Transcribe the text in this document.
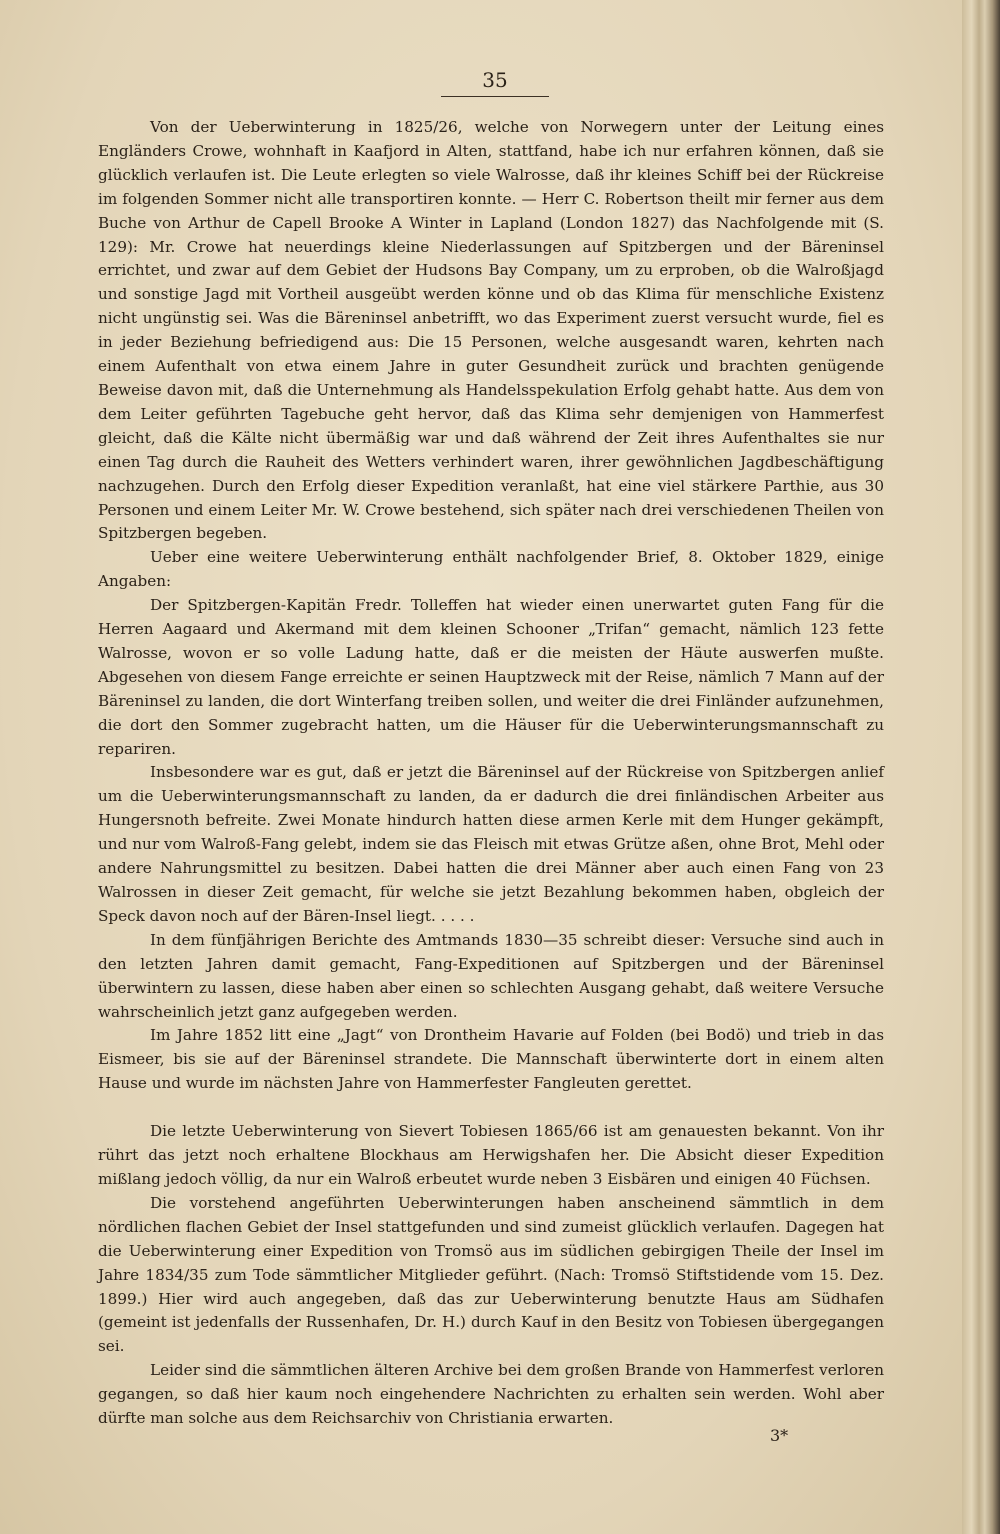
35

Von der Ueberwinterung in 1825/26, welche von Norwegern unter der Leitung eines Engländers Crowe, wohnhaft in Kaafjord in Alten, stattfand, habe ich nur erfahren können, daß sie glücklich verlaufen ist. Die Leute erlegten so viele Walrosse, daß ihr kleines Schiff bei der Rückreise im folgenden Sommer nicht alle transportiren konnte. — Herr C. Robertson theilt mir ferner aus dem Buche von Arthur de Capell Brooke A Winter in Lapland (London 1827) das Nachfolgende mit (S. 129): Mr. Crowe hat neuerdings kleine Niederlassungen auf Spitzbergen und der Bäreninsel errichtet, und zwar auf dem Gebiet der Hudsons Bay Company, um zu erproben, ob die Walroßjagd und sonstige Jagd mit Vortheil ausgeübt werden könne und ob das Klima für menschliche Existenz nicht ungünstig sei. Was die Bäreninsel anbetrifft, wo das Experiment zuerst versucht wurde, fiel es in jeder Beziehung befriedigend aus: Die 15 Personen, welche ausgesandt waren, kehrten nach einem Aufenthalt von etwa einem Jahre in guter Gesundheit zurück und brachten genügende Beweise davon mit, daß die Unternehmung als Handelsspekulation Erfolg gehabt hatte. Aus dem von dem Leiter geführten Tagebuche geht hervor, daß das Klima sehr demjenigen von Hammerfest gleicht, daß die Kälte nicht übermäßig war und daß während der Zeit ihres Aufenthaltes sie nur einen Tag durch die Rauheit des Wetters verhindert waren, ihrer gewöhnlichen Jagdbeschäftigung nachzugehen. Durch den Erfolg dieser Expedition veranlaßt, hat eine viel stärkere Parthie, aus 30 Personen und einem Leiter Mr. W. Crowe bestehend, sich später nach drei verschiedenen Theilen von Spitzbergen begeben.

Ueber eine weitere Ueberwinterung enthält nachfolgender Brief, 8. Oktober 1829, einige Angaben:

Der Spitzbergen-Kapitän Fredr. Tolleffen hat wieder einen unerwartet guten Fang für die Herren Aagaard und Akermand mit dem kleinen Schooner „Trifan“ gemacht, nämlich 123 fette Walrosse, wovon er so volle Ladung hatte, daß er die meisten der Häute auswerfen mußte. Abgesehen von diesem Fange erreichte er seinen Hauptzweck mit der Reise, nämlich 7 Mann auf der Bäreninsel zu landen, die dort Winterfang treiben sollen, und weiter die drei Finländer aufzunehmen, die dort den Sommer zugebracht hatten, um die Häuser für die Ueberwinterungsmannschaft zu repariren.

Insbesondere war es gut, daß er jetzt die Bäreninsel auf der Rückreise von Spitzbergen anlief um die Ueberwinterungsmannschaft zu landen, da er dadurch die drei finländischen Arbeiter aus Hungersnoth befreite. Zwei Monate hindurch hatten diese armen Kerle mit dem Hunger gekämpft, und nur vom Walroß-Fang gelebt, indem sie das Fleisch mit etwas Grütze aßen, ohne Brot, Mehl oder andere Nahrungsmittel zu besitzen. Dabei hatten die drei Männer aber auch einen Fang von 23 Walrossen in dieser Zeit gemacht, für welche sie jetzt Bezahlung bekommen haben, obgleich der Speck davon noch auf der Bären-Insel liegt. . . . .

In dem fünfjährigen Berichte des Amtmands 1830—35 schreibt dieser: Versuche sind auch in den letzten Jahren damit gemacht, Fang-Expeditionen auf Spitzbergen und der Bäreninsel überwintern zu lassen, diese haben aber einen so schlechten Ausgang gehabt, daß weitere Versuche wahrscheinlich jetzt ganz aufgegeben werden.

Im Jahre 1852 litt eine „Jagt“ von Drontheim Havarie auf Folden (bei Bodö) und trieb in das Eismeer, bis sie auf der Bäreninsel strandete. Die Mannschaft überwinterte dort in einem alten Hause und wurde im nächsten Jahre von Hammerfester Fangleuten gerettet.

Die letzte Ueberwinterung von Sievert Tobiesen 1865/66 ist am genauesten bekannt. Von ihr rührt das jetzt noch erhaltene Blockhaus am Herwigshafen her. Die Absicht dieser Expedition mißlang jedoch völlig, da nur ein Walroß erbeutet wurde neben 3 Eisbären und einigen 40 Füchsen.

Die vorstehend angeführten Ueberwinterungen haben anscheinend sämmtlich in dem nördlichen flachen Gebiet der Insel stattgefunden und sind zumeist glücklich verlaufen. Dagegen hat die Ueberwinterung einer Expedition von Tromsö aus im südlichen gebirgigen Theile der Insel im Jahre 1834/35 zum Tode sämmtlicher Mitglieder geführt. (Nach: Tromsö Stiftstidende vom 15. Dez. 1899.) Hier wird auch angegeben, daß das zur Ueberwinterung benutzte Haus am Südhafen (gemeint ist jedenfalls der Russenhafen, Dr. H.) durch Kauf in den Besitz von Tobiesen übergegangen sei.

Leider sind die sämmtlichen älteren Archive bei dem großen Brande von Hammerfest verloren gegangen, so daß hier kaum noch eingehendere Nachrichten zu erhalten sein werden. Wohl aber dürfte man solche aus dem Reichsarchiv von Christiania erwarten.

3*
